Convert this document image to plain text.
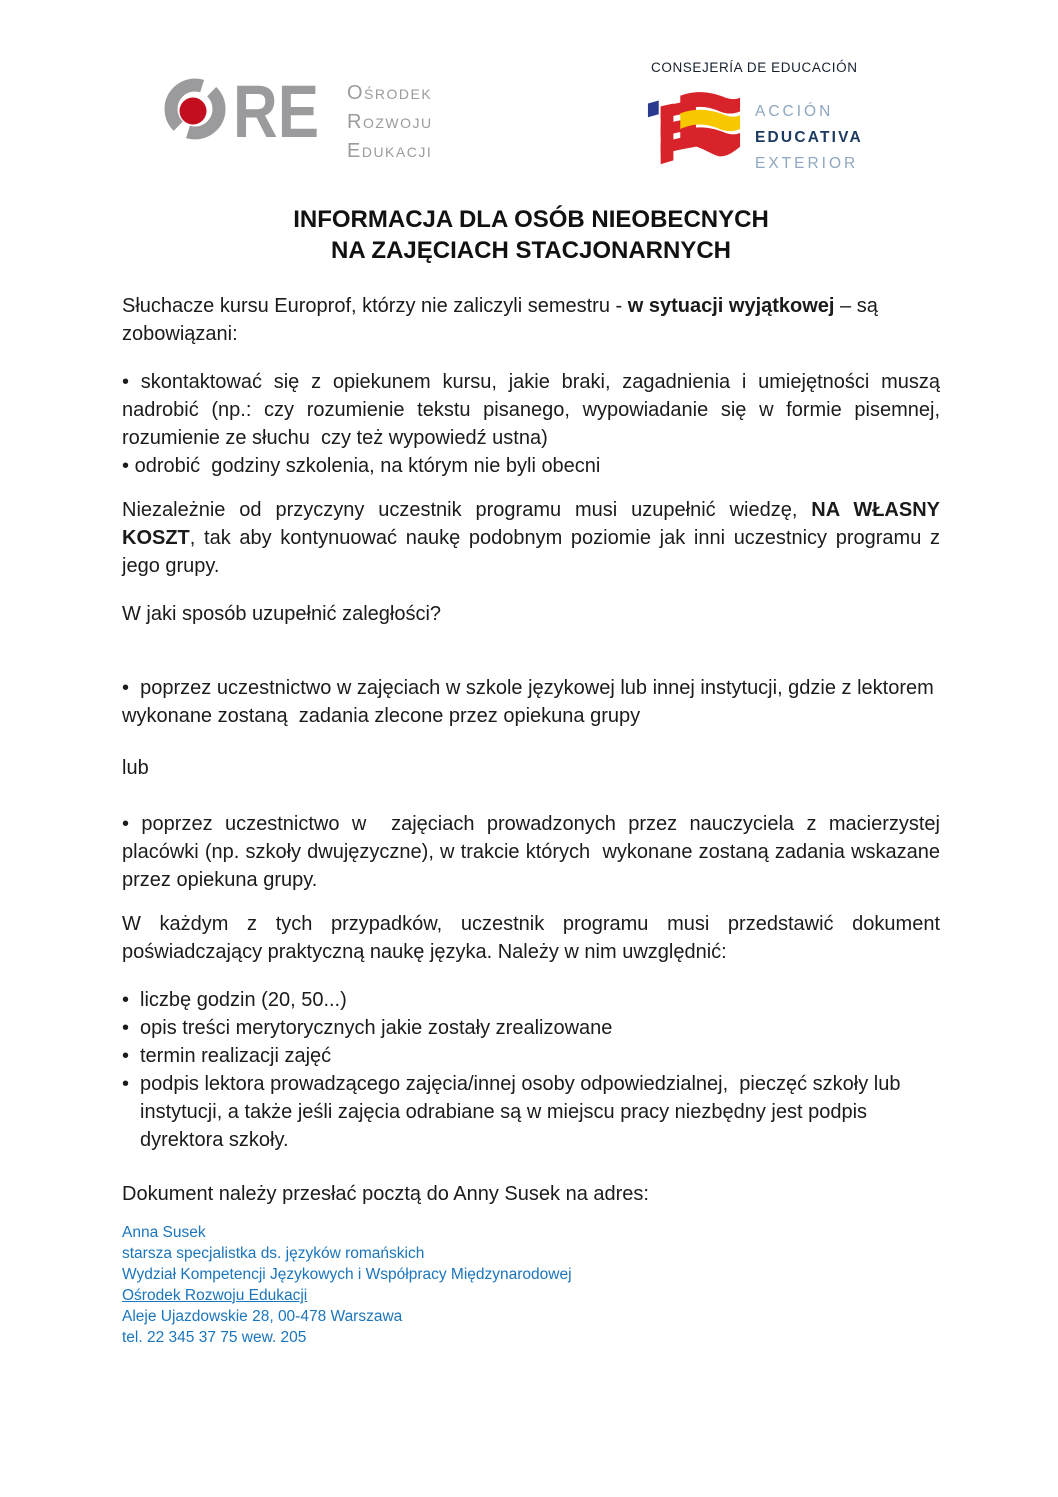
RE Ośrodek
Rozwoju
Edukacji
CONSEJERÍA DE EDUCACIÓN
ACCIÓN
EDUCATIVA
EXTERIOR
INFORMACJA DLA OSÓB NIEOBECNYCH
NA ZAJĘCIACH STACJONARNYCH

Słuchacze kursu Europrof, którzy nie zaliczyli semestru - w sytuacji wyjątkowej – są zobowiązani:

• skontaktować się z opiekunem kursu, jakie braki, zagadnienia i umiejętności muszą nadrobić (np.: czy rozumienie tekstu pisanego, wypowiadanie się w formie pisemnej, rozumienie ze słuchu  czy też wypowiedź ustna)

• odrobić  godziny szkolenia, na którym nie byli obecni

Niezależnie od przyczyny uczestnik programu musi uzupełnić wiedzę, NA WŁASNY KOSZT, tak aby kontynuować naukę podobnym poziomie jak inni uczestnicy programu z jego grupy.

W jaki sposób uzupełnić zaległości?

•  poprzez uczestnictwo w zajęciach w szkole językowej lub innej instytucji, gdzie z lektorem wykonane zostaną  zadania zlecone przez opiekuna grupy

lub

• poprzez uczestnictwo w  zajęciach prowadzonych przez nauczyciela z macierzystej placówki (np. szkoły dwujęzyczne), w trakcie których  wykonane zostaną zadania wskazane przez opiekuna grupy.

W każdym z tych przypadków, uczestnik programu musi przedstawić dokument poświadczający praktyczną naukę języka. Należy w nim uwzględnić:

• liczbę godzin (20, 50...)
• opis treści merytorycznych jakie zostały zrealizowane
• termin realizacji zajęć
• podpis lektora prowadzącego zajęcia/innej osoby odpowiedzialnej,  pieczęć szkoły lub  instytucji, a także jeśli zajęcia odrabiane są w miejscu pracy niezbędny jest podpis dyrektora szkoły.

Dokument należy przesłać pocztą do Anny Susek na adres:

Anna Susek
starsza specjalistka ds. języków romańskich
Wydział Kompetencji Językowych i Współpracy Międzynarodowej
Ośrodek Rozwoju Edukacji
Aleje Ujazdowskie 28, 00-478 Warszawa
tel. 22 345 37 75 wew. 205
